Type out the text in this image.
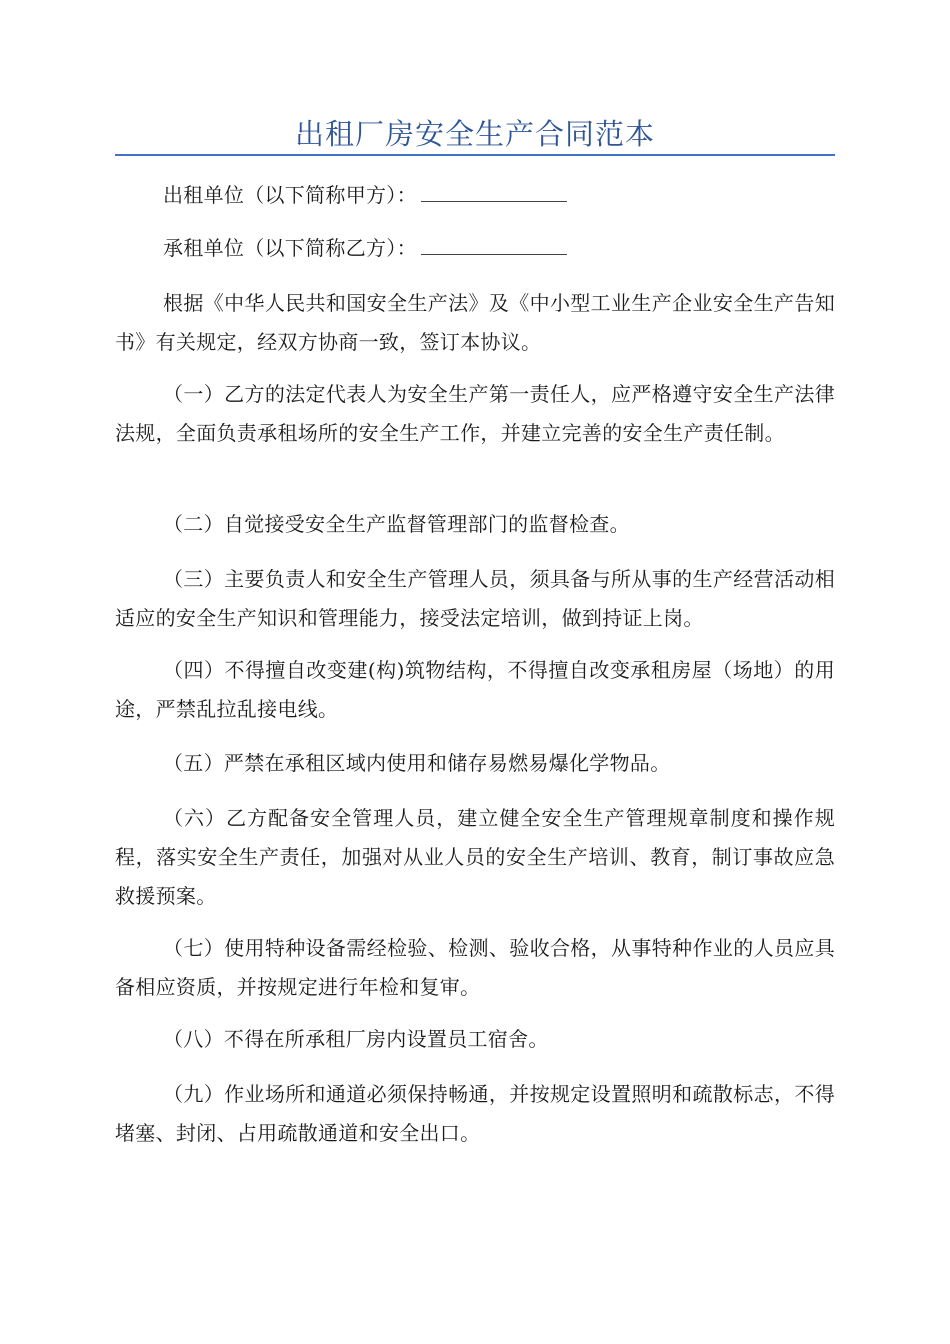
出租厂房安全生产合同范本

出租单位（以下简称甲方）：

承租单位（以下简称乙方）：

根据《中华人民共和国安全生产法》及《中小型工业生产企业安全生产告知书》有关规定，经双方协商一致，签订本协议。

（一）乙方的法定代表人为安全生产第一责任人，应严格遵守安全生产法律法规，全面负责承租场所的安全生产工作，并建立完善的安全生产责任制。

（二）自觉接受安全生产监督管理部门的监督检查。

（三）主要负责人和安全生产管理人员，须具备与所从事的生产经营活动相适应的安全生产知识和管理能力，接受法定培训，做到持证上岗。

（四）不得擅自改变建(构)筑物结构，不得擅自改变承租房屋（场地）的用途，严禁乱拉乱接电线。

（五）严禁在承租区域内使用和储存易燃易爆化学物品。

（六）乙方配备安全管理人员，建立健全安全生产管理规章制度和操作规程，落实安全生产责任，加强对从业人员的安全生产培训、教育，制订事故应急救援预案。

（七）使用特种设备需经检验、检测、验收合格，从事特种作业的人员应具备相应资质，并按规定进行年检和复审。

（八）不得在所承租厂房内设置员工宿舍。

（九）作业场所和通道必须保持畅通，并按规定设置照明和疏散标志，不得堵塞、封闭、占用疏散通道和安全出口。
